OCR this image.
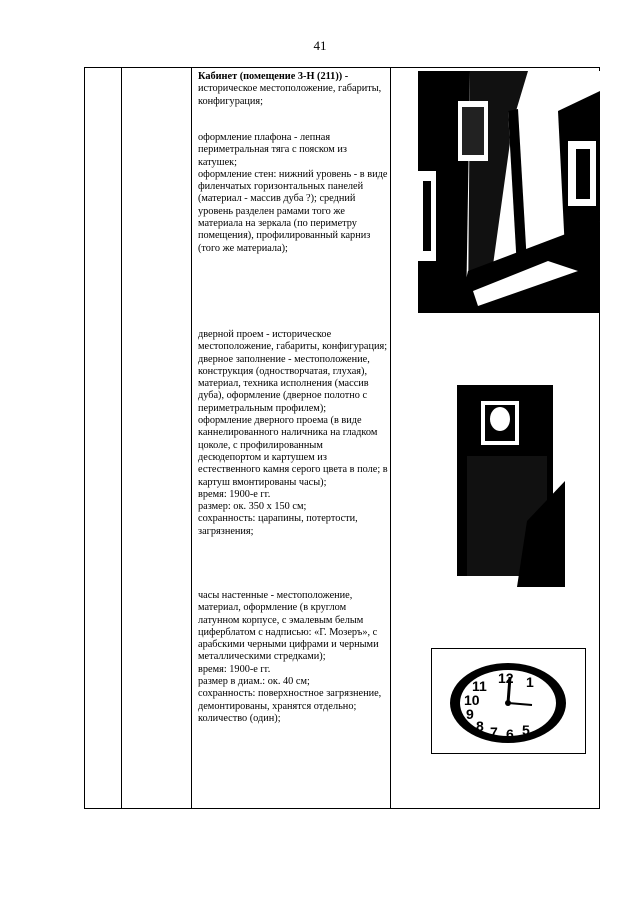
41
Кабинет (помещение 3-Н (211)) - историческое местоположение, габариты, конфигурация;
оформление плафона - лепная периметральная тяга с пояском из катушек;
оформление стен: нижний уровень - в виде филенчатых горизонтальных панелей (материал - массив дуба ?); средний уровень разделен рамами того же материала на зеркала (по периметру помещения), профилированный карниз (того же материала);
дверной проем - историческое местоположение, габариты, конфигурация;
дверное заполнение - местоположение, конструкция (одностворчатая, глухая), материал, техника исполнения (массив дуба), оформление (дверное полотно с периметральным профилем);
оформление дверного проема (в виде каннелированного наличника на гладком цоколе, с профилированным десюдепортом и картушем из естественного камня серого цвета в поле; в картуш вмонтированы часы);
время: 1900-е гг.
размер: ок. 350 х 150 см;
сохранность: царапины, потертости, загрязнения;
часы настенные - местоположение, материал, оформление (в круглом латунном корпусе, с эмалевым белым циферблатом с надписью: «Г. Мозеръ», с арабскими черными цифрами и черными металлическими стредками);
время: 1900-е гг.
размер в диам.: ок. 40 см;
сохранность: поверхностное загрязнение, демонтированы, хранятся отдельно; количество (один);
11 12 1
10
9
8 7 6 5
